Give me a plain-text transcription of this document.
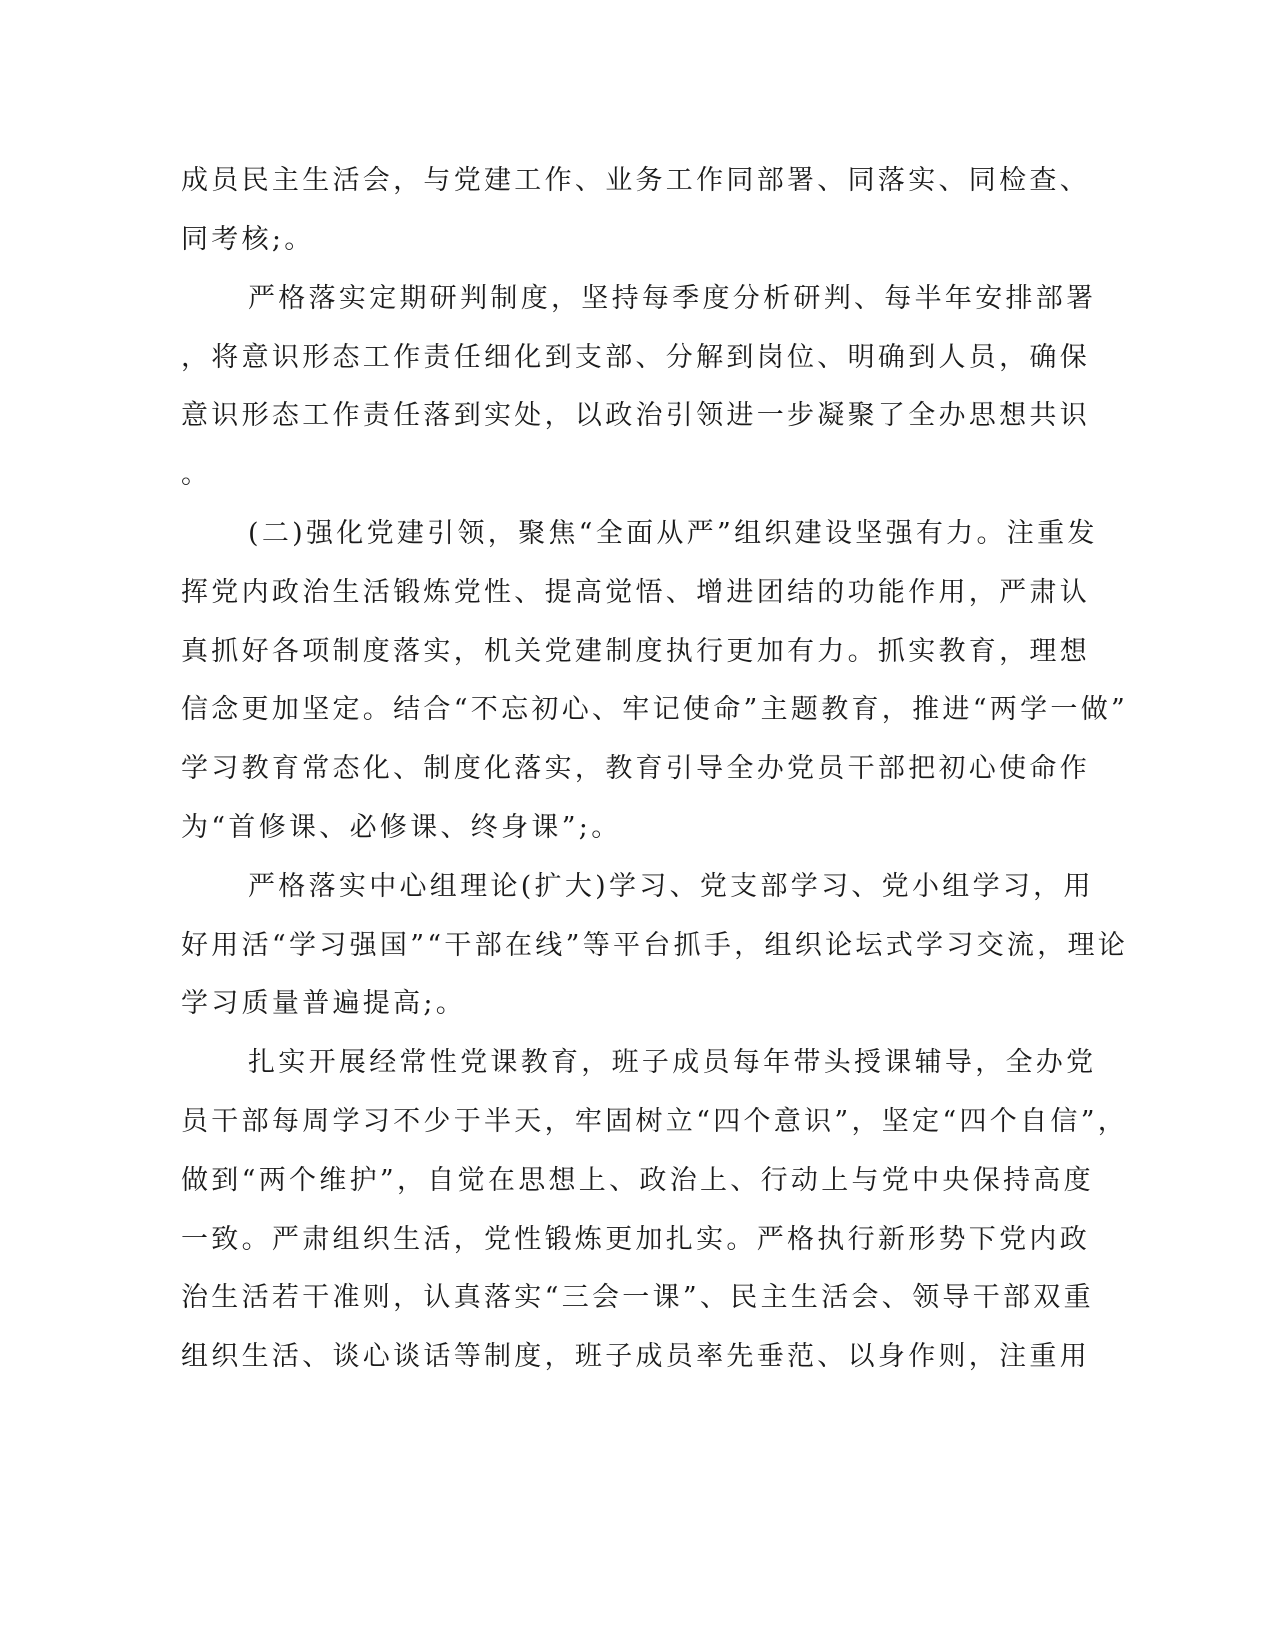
成员民主生活会，与党建工作、业务工作同部署、同落实、同检查、
同考核;。
严格落实定期研判制度，坚持每季度分析研判、每半年安排部署
，将意识形态工作责任细化到支部、分解到岗位、明确到人员，确保
意识形态工作责任落到实处，以政治引领进一步凝聚了全办思想共识
。
(二)强化党建引领，聚焦“全面从严”组织建设坚强有力。注重发
挥党内政治生活锻炼党性、提高觉悟、增进团结的功能作用，严肃认
真抓好各项制度落实，机关党建制度执行更加有力。抓实教育，理想
信念更加坚定。结合“不忘初心、牢记使命”主题教育，推进“两学一做”
学习教育常态化、制度化落实，教育引导全办党员干部把初心使命作
为“首修课、必修课、终身课”;。
严格落实中心组理论(扩大)学习、党支部学习、党小组学习，用
好用活“学习强国”“干部在线”等平台抓手，组织论坛式学习交流，理论
学习质量普遍提高;。
扎实开展经常性党课教育，班子成员每年带头授课辅导，全办党
员干部每周学习不少于半天，牢固树立“四个意识”，坚定“四个自信”，
做到“两个维护”，自觉在思想上、政治上、行动上与党中央保持高度
一致。严肃组织生活，党性锻炼更加扎实。严格执行新形势下党内政
治生活若干准则，认真落实“三会一课”、民主生活会、领导干部双重
组织生活、谈心谈话等制度，班子成员率先垂范、以身作则，注重用
